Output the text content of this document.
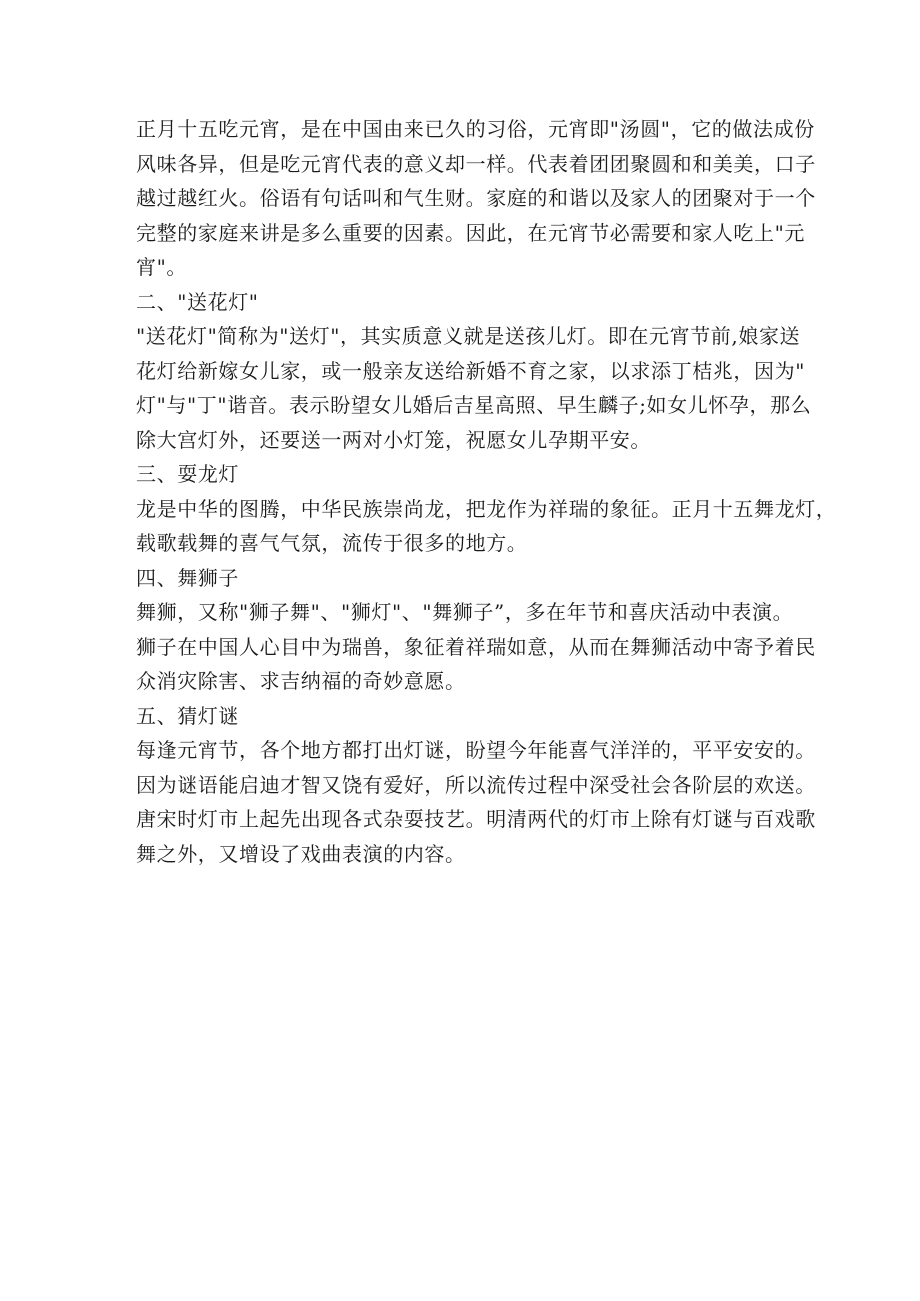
正月十五吃元宵，是在中国由来已久的习俗，元宵即"汤圆"，它的做法成份

风味各异，但是吃元宵代表的意义却一样。代表着团团聚圆和和美美，口子

越过越红火。俗语有句话叫和气生财。家庭的和谐以及家人的团聚对于一个

完整的家庭来讲是多么重要的因素。因此，在元宵节必需要和家人吃上"元

宵"。

二、"送花灯"

"送花灯"简称为"送灯"，其实质意义就是送孩儿灯。即在元宵节前,娘家送

花灯给新嫁女儿家，或一般亲友送给新婚不育之家，以求添丁桔兆，因为"

灯"与"丁"谐音。表示盼望女儿婚后吉星高照、早生麟子;如女儿怀孕，那么

除大宫灯外，还要送一两对小灯笼，祝愿女儿孕期平安。

三、耍龙灯

龙是中华的图腾，中华民族崇尚龙，把龙作为祥瑞的象征。正月十五舞龙灯，

载歌载舞的喜气气氛，流传于很多的地方。

四、舞狮子

舞狮，又称"狮子舞"、"狮灯"、"舞狮子”，多在年节和喜庆活动中表演。

狮子在中国人心目中为瑞兽，象征着祥瑞如意，从而在舞狮活动中寄予着民

众消灾除害、求吉纳福的奇妙意愿。

五、猜灯谜

每逢元宵节，各个地方都打出灯谜，盼望今年能喜气洋洋的，平平安安的。

因为谜语能启迪才智又饶有爱好，所以流传过程中深受社会各阶层的欢送。

唐宋时灯市上起先出现各式杂耍技艺。明清两代的灯市上除有灯谜与百戏歌

舞之外，又增设了戏曲表演的内容。
